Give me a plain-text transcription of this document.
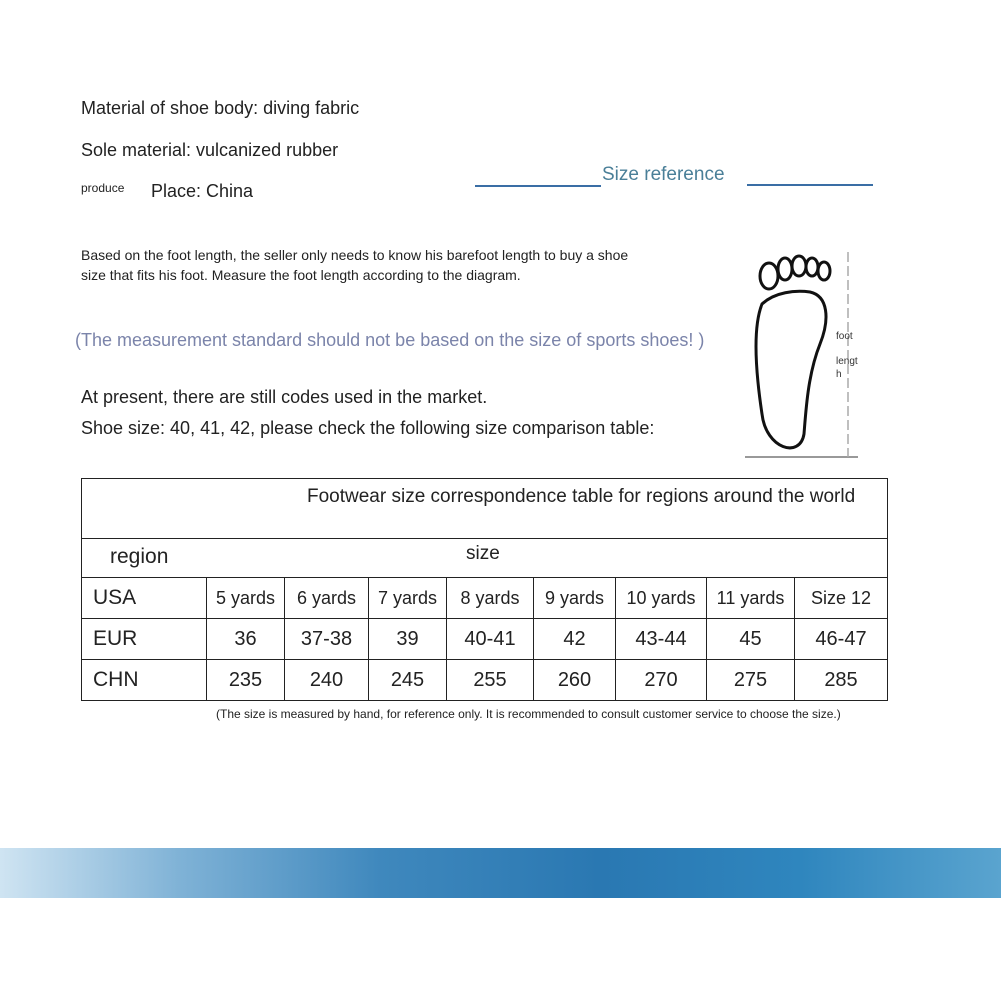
Material of shoe body: diving fabric
Sole material: vulcanized rubber
produce Place: China
Size reference
Based on the foot length, the seller only needs to know his barefoot length to buy a shoe size that fits his foot. Measure the foot length according to the diagram.
(The measurement standard should not be based on the size of sports shoes! )
At present, there are still codes used in the market.
Shoe size: 40, 41, 42, please check the following size comparison table:
foot
lengt
h
Footwear size correspondence table for regions around the world								

region size								

USA	5 yards	6 yards	7 yards	8 yards	9 yards	10 yards	11 yards	Size 12
EUR	36	37-38	39	40-41	42	43-44	45	46-47
CHN	235	240	245	255	260	270	275	285
(The size is measured by hand, for reference only. It is recommended to consult customer service to choose the size.)
